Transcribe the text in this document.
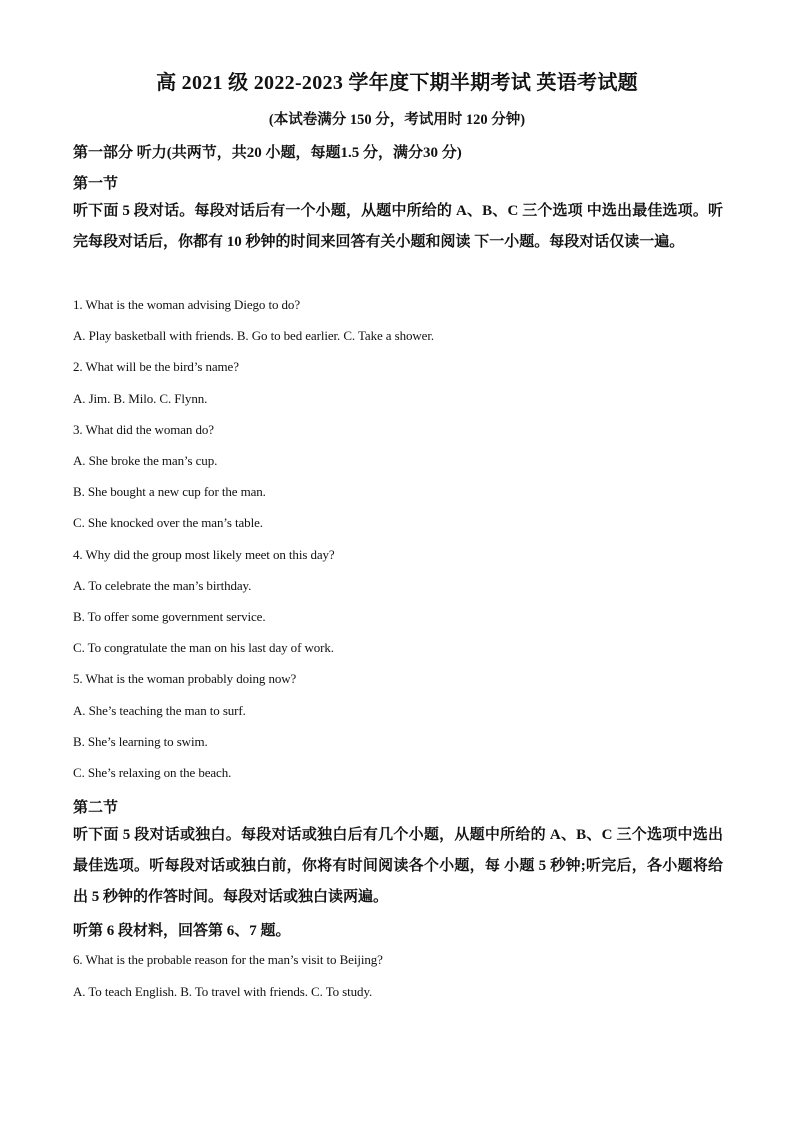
高 2021 级 2022-2023 学年度下期半期考试 英语考试题
(本试卷满分 150 分，考试用时 120 分钟)
第一部分 听力(共两节，共20 小题，每题1.5 分，满分30 分)
第一节
听下面 5 段对话。每段对话后有一个小题，从题中所给的 A、B、C 三个选项 中选出最佳选项。听完每段对话后，你都有 10 秒钟的时间来回答有关小题和阅读 下一小题。每段对话仅读一遍。
1. What is the woman advising Diego to do?
A. Play basketball with friends. B. Go to bed earlier. C. Take a shower.
2. What will be the bird’s name?
A. Jim. B. Milo. C. Flynn.
3. What did the woman do?
A. She broke the man’s cup.
B. She bought a new cup for the man.
C. She knocked over the man’s table.
4. Why did the group most likely meet on this day?
A. To celebrate the man’s birthday.
B. To offer some government service.
C. To congratulate the man on his last day of work.
5. What is the woman probably doing now?
A. She’s teaching the man to surf.
B. She’s learning to swim.
C. She’s relaxing on the beach.
第二节
听下面 5 段对话或独白。每段对话或独白后有几个小题，从题中所给的 A、B、C 三个选项中选出最佳选项。听每段对话或独白前，你将有时间阅读各个小题，每 小题 5 秒钟;听完后，各小题将给出 5 秒钟的作答时间。每段对话或独白读两遍。
听第 6 段材料，回答第 6、7 题。
6. What is the probable reason for the man’s visit to Beijing?
A. To teach English. B. To travel with friends. C. To study.
